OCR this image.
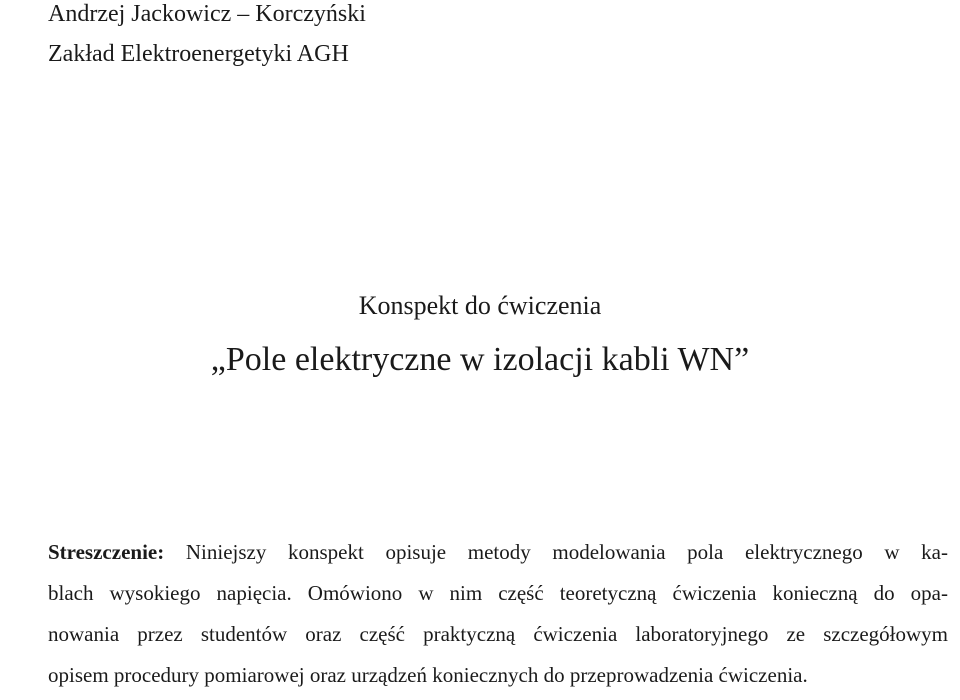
Andrzej Jackowicz – Korczyński
Zakład Elektroenergetyki AGH
Konspekt do ćwiczenia
„Pole elektryczne w izolacji kabli WN”
Streszczenie: Niniejszy konspekt opisuje metody modelowania pola elektrycznego w ka-
blach wysokiego napięcia. Omówiono w nim część teoretyczną ćwiczenia konieczną do opa-
nowania przez studentów oraz część praktyczną ćwiczenia laboratoryjnego ze szczegółowym
opisem procedury pomiarowej oraz urządzeń koniecznych do przeprowadzenia ćwiczenia.
